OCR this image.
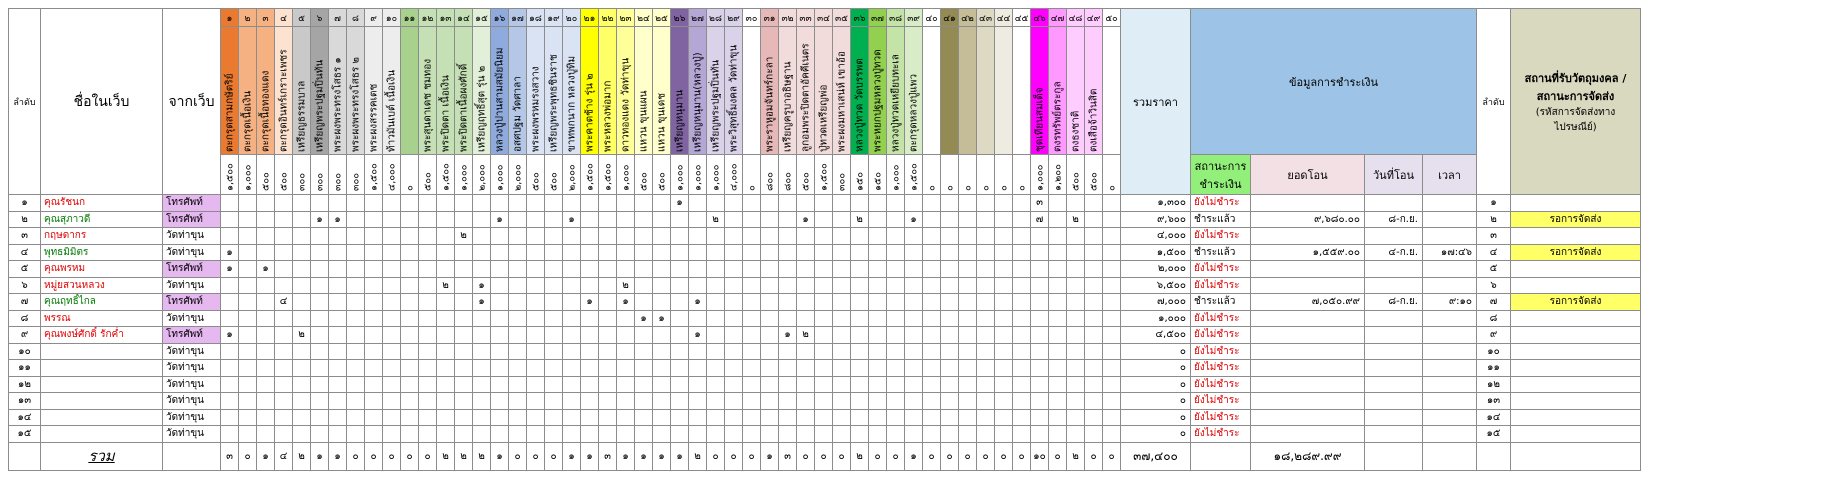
ลำดับ	ชื่อในเว็บ	จากเว็บ	๑	๒	๓	๔	๕	๖	๗	๘	๙	๑๐	๑๑	๑๒	๑๓	๑๔	๑๕	๑๖	๑๗	๑๘	๑๙	๒๐	๒๑	๒๒	๒๓	๒๔	๒๕	๒๖	๒๗	๒๘	๒๙	๓๐	๓๑	๓๒	๓๓	๓๔	๓๕	๓๖	๓๗	๓๘	๓๙	๔๐	๔๑	๔๒	๔๓	๔๔	๔๕	๔๖	๔๗	๔๘	๔๙	๕๐	รวมราคา	ข้อมูลการชำระเงิน				ลำดับ	สถานที่รับวัตถุมงคล / สถานะการจัดส่ง
(รหัสการจัดส่งทาง ไปรษณีย์)

			ตะกรุดสามกษัตริย์	ตะกรุดเนื้อเงิน	ตะกรุดเนื้อทองแดง	ตะกรุดอินทร์เกราะเพชร	เหรียญธรรมบาล	เหรียญพระปฐมปิ่นทัน	พระผงพระทรงโสธร ๑	พระผงพระทรงโสธร ๒	พระผงสรรคเตช	ท้าวมันเบต์ เนื้อเงิน		พระสุนดาเดช ชมทอง	พระปิดตา เนื้อเงิน	พระปิดตาเนื้อผงศักดิ์	เหรียญฤทธิ์สุต รุ่น ๒	หลวงปู่ปานสามสมัยนิยม	อสศปฐม วัดศาลา	พระผงพรหมรงสวาง	เหรียญพระพุทธชินราช	ขาทพกนาก หลวงปู่ทิม	พระคาตช้าง รุ่น ๒	พระหลวงพ่อมาก	ดาวทองแดง วัดท่าขุน	แหวน ขุนแผน	แหวน ขุนเดช	เหรียญหนุมาน	เหรียญหนุมาน(หลวงปู่)	เหรียญพระปฐมปิ่นทัน	พระวิสุทธิ์มงคล วัดท่าขุน		พระราหูอมจันทร์กะลา	เหรียญครูบาอธิษฐาน	ลูกอมพระปิดตาอัคคีเนตร	ปู่ทวดเหรียญพ่อ	พระผงมหาเสน่ห์ เขาอ้อ	หลวงปู่ทวด วัดบรรพต	พระหยกปฐมหลวงปู่ทวด	หลวงปู่ทวดเหยียบทะเล	ตะกรุดหลวงปู่แพว							ชุดเทียนสมเด็จ	ตงรทรัพย์ตระกูล	ตงธงชาติ	ตงเสือจ้าวินสิต								
			๑,๕๐๐	๑,๐๐๐	๕๐๐	๕๐๐	๓๐๐	๓๐๐	๓๐๐	๓๐๐	๑,๕๐๐	๔,๐๐๐	๐	๕๐๐	๑,๕๐๐	๑,๐๐๐	๒,๐๐๐	๑,๐๐๐	๒,๐๐๐	๕๐๐	๕๐๐	๒,๐๐๐	๑,๕๐๐	๑,๕๐๐	๑,๐๐๐	๕๐๐	๕๐๐	๑,๐๐๐	๑,๐๐๐	๑,๐๐๐	๔,๐๐๐	๐	๘๐๐	๘๐๐	๕๐๐	๑,๕๐๐	๓๐๐	๑๕๐	๑๕๐	๑,๐๐๐	๑,๕๐๐	๐	๐	๐	๐	๐	๐	๑,๐๐๐	๑,๒๐๐	๕๐๐	๕๐๐	๐		สถานะการชำระเงิน	ยอดโอน	วันที่โอน	เวลา		
๑	คุณรัชนก	โทรศัพท์																										๑																				๓					๑,๓๐๐	ยังไม่ชำระ				๑	
๒	คุณสุภาวดี	โทรศัพท์						๑	๑									๑				๑								๒					๑			๒			๑							๗		๒			๙,๖๐๐	ชำระแล้ว	๙,๖๘๐.๐๐	๘-ก.ย.		๒	รอการจัดส่ง
๓	กฤษดากร	วัดท่าขุน														๒																																					๔,๐๐๐	ยังไม่ชำระ				๓	
๔	พุทธมิมิตร	วัดท่าขุน	๑																																																		๑,๕๐๐	ชำระแล้ว	๑,๕๕๙.๐๐	๔-ก.ย.	๑๗:๔๖	๔	รอการจัดส่ง
๕	คุณพรหม	โทรศัพท์	๑		๑																																																๒,๐๐๐	ยังไม่ชำระ				๕	
๖	หมู่ยสวนหลวง	วัดท่าขุน													๒		๑								๒																												๖,๕๐๐	ยังไม่ชำระ				๖	
๗	คุณฤทธิ์ไกล	โทรศัพท์				๔											๑						๑		๑				๑																								๗,๐๐๐	ชำระแล้ว	๗,๐๕๐.๙๙	๘-ก.ย.	๙:๑๐	๗	รอการจัดส่ง
๘	พรรณ	วัดท่าขุน																								๑	๑																										๑,๐๐๐	ยังไม่ชำระ				๘	
๙	คุณพงษ์ศักดิ์ รักค่ำ	โทรศัพท์	๑				๒																						๑					๑	๒																		๔,๕๐๐	ยังไม่ชำระ				๙	
๑๐		วัดท่าขุน																																																			๐	ยังไม่ชำระ				๑๐	
๑๑		วัดท่าขุน																																																			๐	ยังไม่ชำระ				๑๑	
๑๒		วัดท่าขุน																																																			๐	ยังไม่ชำระ				๑๒	
๑๓		วัดท่าขุน																																																			๐	ยังไม่ชำระ				๑๓	
๑๔		วัดท่าขุน																																																			๐	ยังไม่ชำระ				๑๔	
๑๕		วัดท่าขุน																																																			๐	ยังไม่ชำระ				๑๕	
	รวม		๓	๐	๑	๔	๒	๑	๑	๐	๐	๐	๐	๐	๒	๒	๒	๑	๐	๐	๐	๑	๑	๓	๑	๑	๑	๑	๒	๐	๐	๐	๑	๓	๐	๐	๐	๒	๐	๐	๑	๐	๐	๐	๐	๐	๐	๑๐	๐	๒	๐	๐	๓๗,๔๐๐		๑๘,๒๘๙.๙๙				
